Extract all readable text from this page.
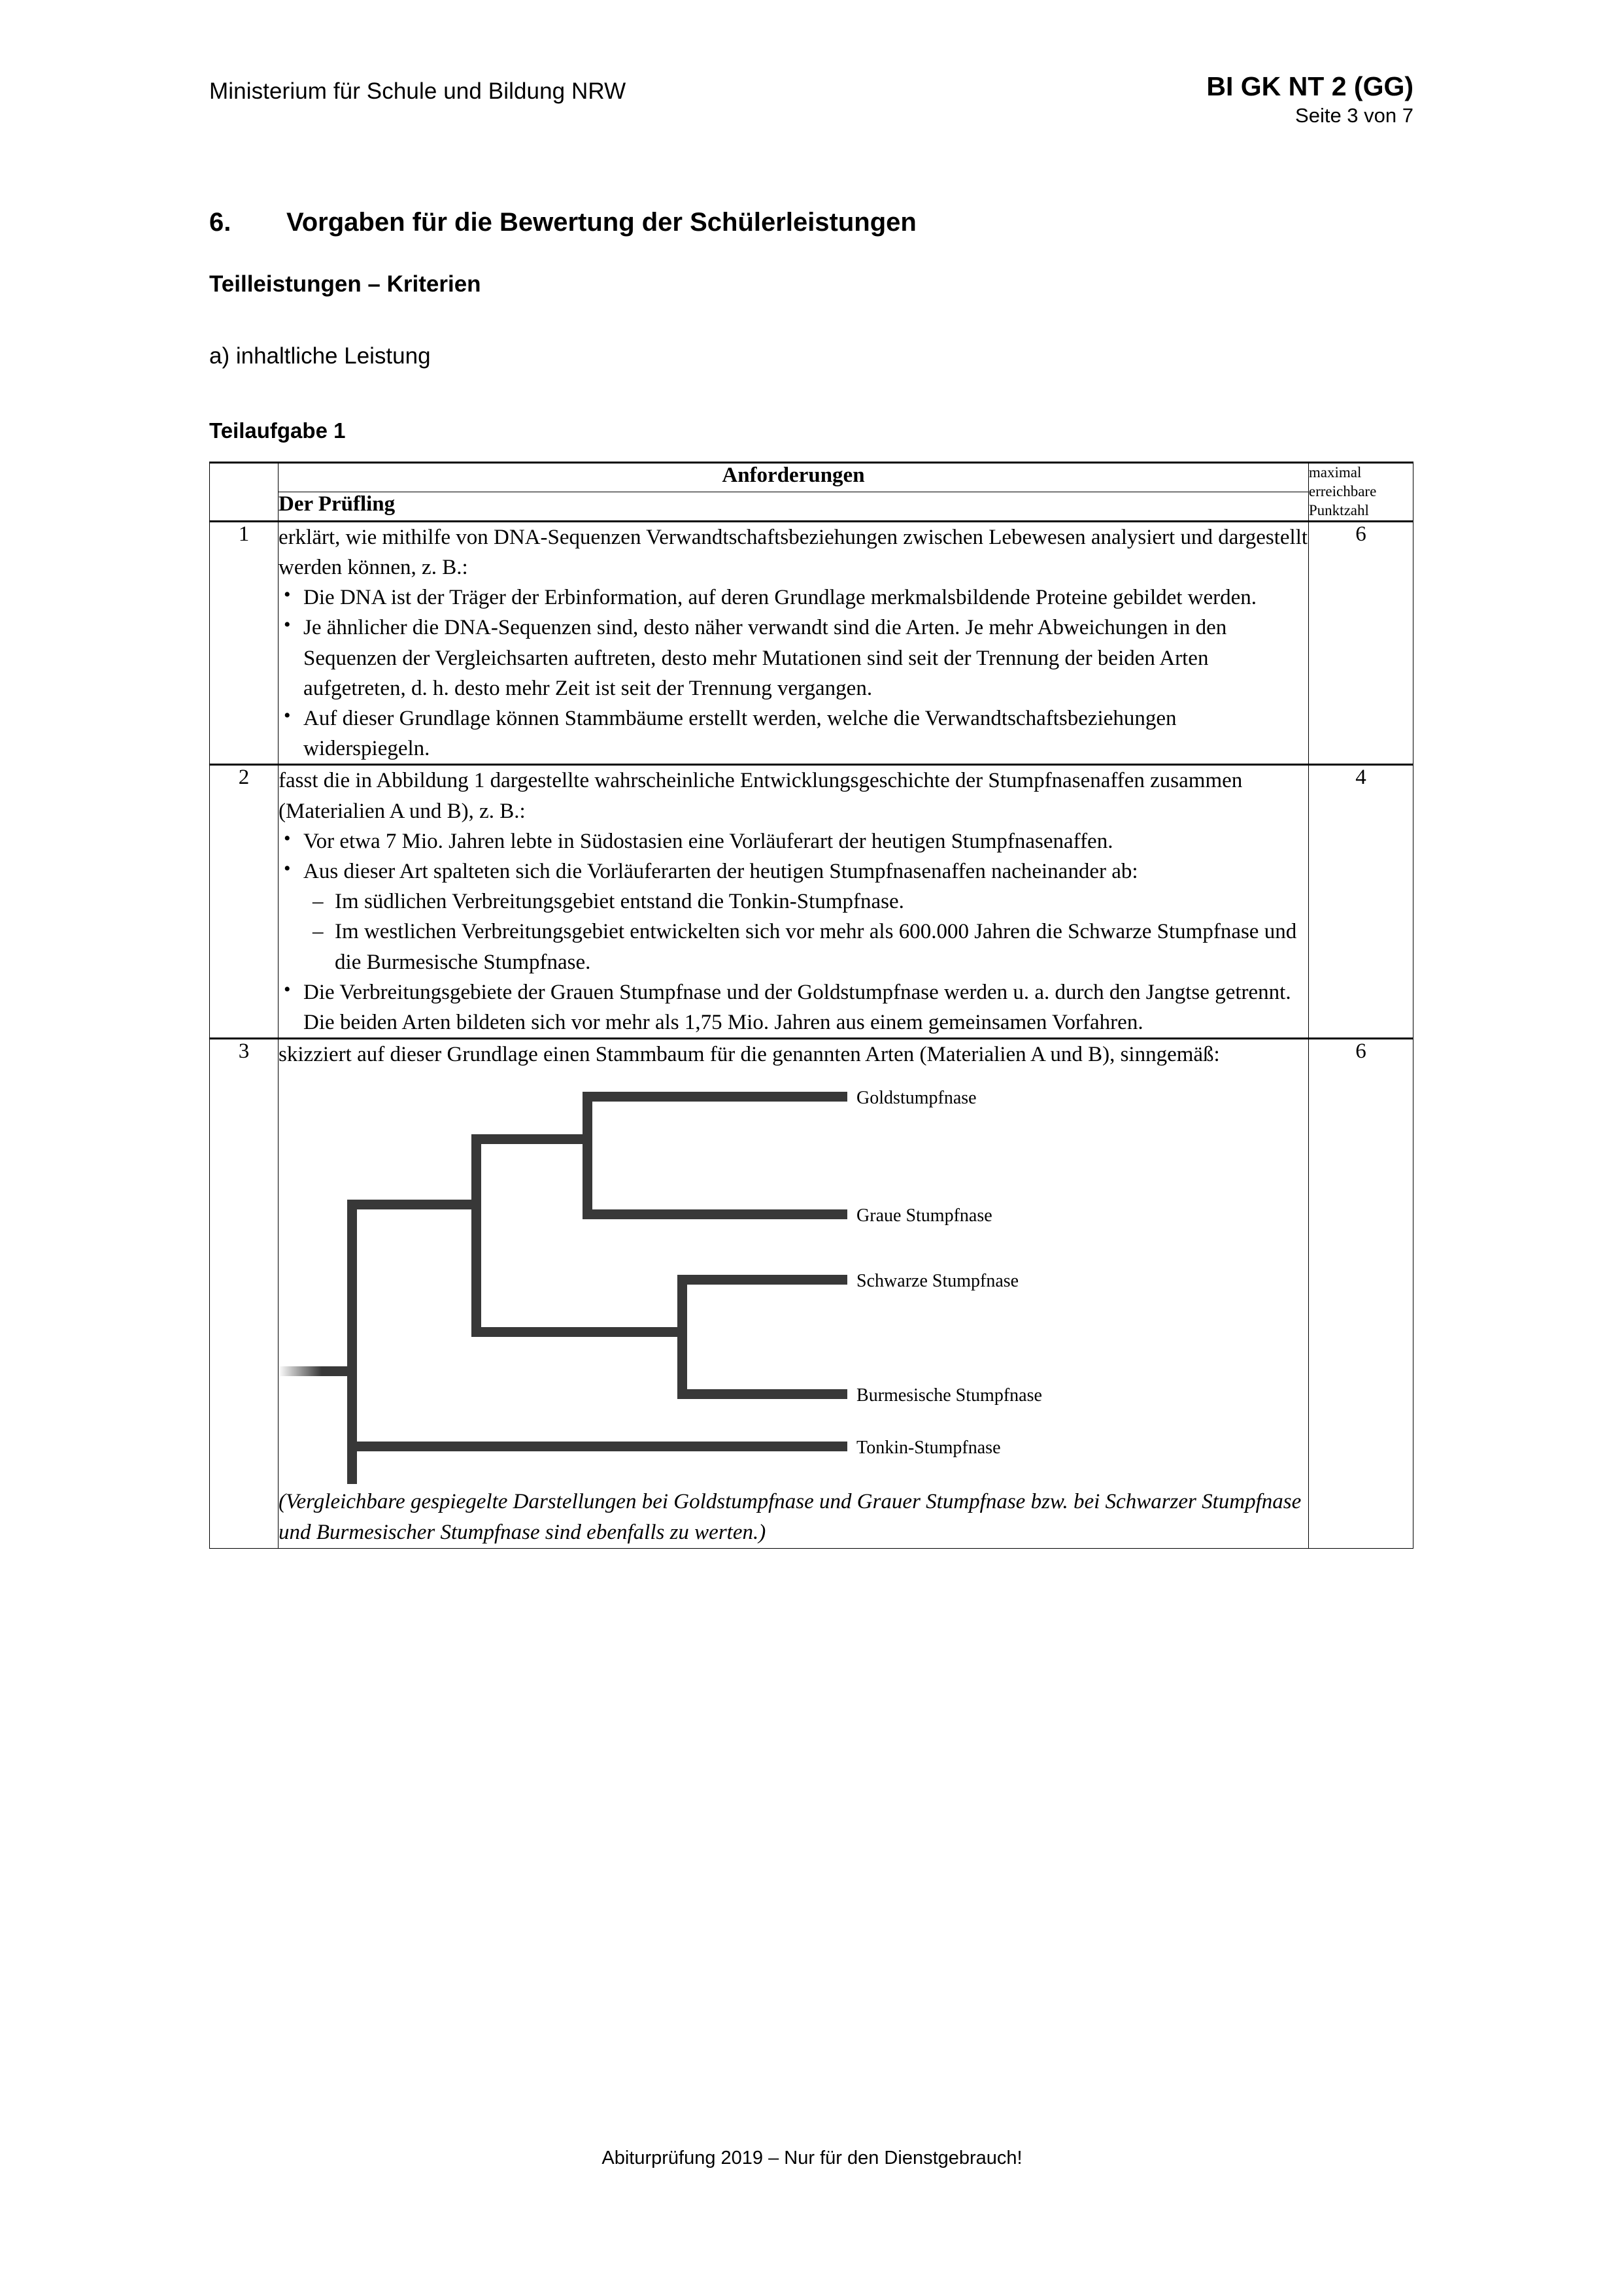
Ministerium für Schule und Bildung NRW	BI GK NT 2 (GG)
Seite 3 von 7
6. Vorgaben für die Bewertung der Schülerleistungen
Teilleistungen – Kriterien
a) inhaltliche Leistung
Teilaufgabe 1
	Anforderungen	maximal erreichbare Punktzahl
	Der Prüfling	
1	erklärt, wie mithilfe von DNA-Sequenzen Verwandtschaftsbeziehungen zwischen Lebewesen analysiert und dargestellt werden können, z. B.:

• Die DNA ist der Träger der Erbinformation, auf deren Grundlage merkmalsbildende Proteine gebildet werden.
• Je ähnlicher die DNA-Sequenzen sind, desto näher verwandt sind die Arten. Je mehr Abweichungen in den Sequenzen der Vergleichsarten auftreten, desto mehr Mutationen sind seit der Trennung der beiden Arten aufgetreten, d. h. desto mehr Zeit ist seit der Trennung vergangen.
• Auf dieser Grundlage können Stammbäume erstellt werden, welche die Verwandtschaftsbeziehungen widerspiegeln.
	6
2	fasst die in Abbildung 1 dargestellte wahrscheinliche Entwicklungsgeschichte der Stumpfnasenaffen zusammen (Materialien A und B), z. B.:

• Vor etwa 7 Mio. Jahren lebte in Südostasien eine Vorläuferart der heutigen Stumpfnasenaffen.
• Aus dieser Art spalteten sich die Vorläuferarten der heutigen Stumpfnasenaffen nacheinander ab:
– Im südlichen Verbreitungsgebiet entstand die Tonkin-Stumpfnase.
– Im westlichen Verbreitungsgebiet entwickelten sich vor mehr als 600.000 Jahren die Schwarze Stumpfnase und die Burmesische Stumpfnase.
• Die Verbreitungsgebiete der Grauen Stumpfnase und der Goldstumpfnase werden u. a. durch den Jangtse getrennt. Die beiden Arten bildeten sich vor mehr als 1,75 Mio. Jahren aus einem gemeinsamen Vorfahren.
	4
3	skizziert auf dieser Grundlage einen Stammbaum für die genannten Arten (Materialien A und B), sinngemäß:

Goldstumpfnase
Graue Stumpfnase
Schwarze Stumpfnase
Burmesische Stumpfnase
Tonkin-Stumpfnase

(Vergleichbare gespiegelte Darstellungen bei Goldstumpfnase und Grauer Stumpfnase bzw. bei Schwarzer Stumpfnase und Burmesischer Stumpfnase sind ebenfalls zu werten.)

	6
Abiturprüfung 2019 – Nur für den Dienstgebrauch!
